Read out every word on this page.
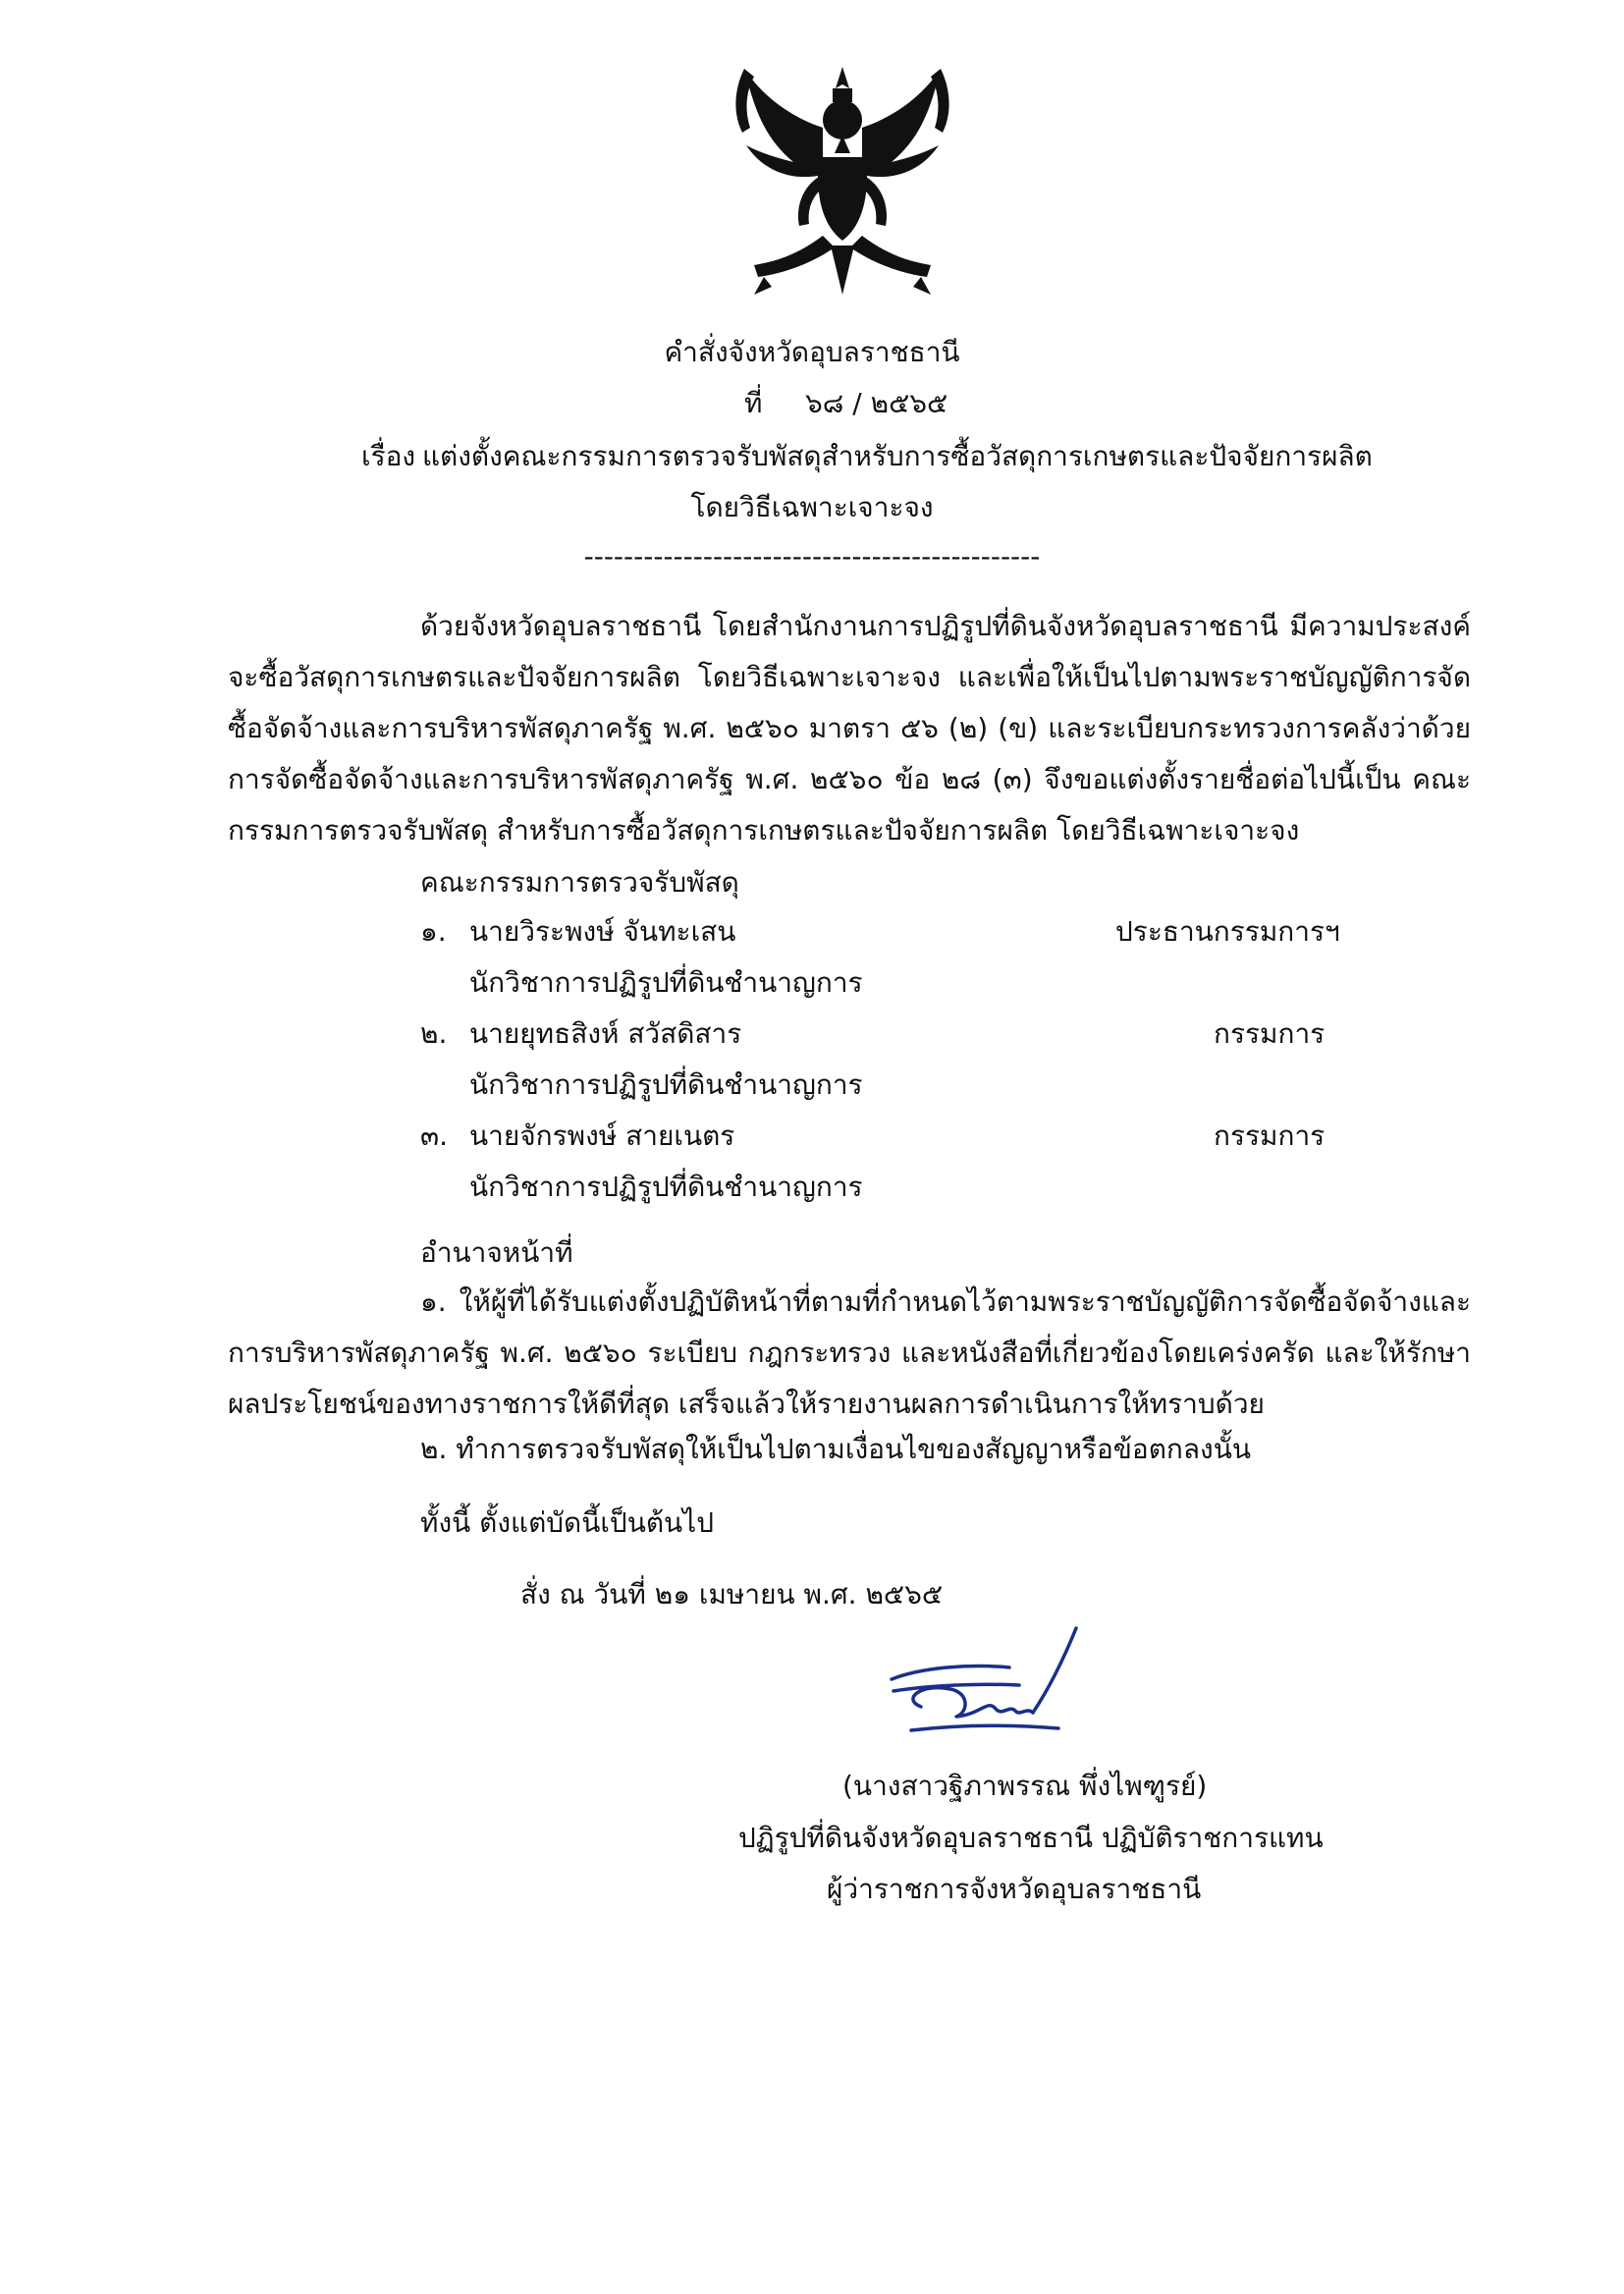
คำสั่งจังหวัดอุบลราชธานี
ที่ ๖๘ / ๒๕๖๕
เรื่อง แต่งตั้งคณะกรรมการตรวจรับพัสดุสำหรับการซื้อวัสดุการเกษตรและปัจจัยการผลิต
โดยวิธีเฉพาะเจาะจง
----------------------------------------------
ด้วยจังหวัดอุบลราชธานี โดยสำนักงานการปฏิรูปที่ดินจังหวัดอุบลราชธานี มีความประสงค์จะซื้อวัสดุการเกษตรและปัจจัยการผลิต โดยวิธีเฉพาะเจาะจง และเพื่อให้เป็นไปตามพระราชบัญญัติการจัดซื้อจัดจ้างและการบริหารพัสดุภาครัฐ พ.ศ. ๒๕๖๐ มาตรา ๕๖ (๒) (ข) และระเบียบกระทรวงการคลังว่าด้วยการจัดซื้อจัดจ้างและการบริหารพัสดุภาครัฐ พ.ศ. ๒๕๖๐ ข้อ ๒๘ (๓) จึงขอแต่งตั้งรายชื่อต่อไปนี้เป็น คณะกรรมการตรวจรับพัสดุ สำหรับการซื้อวัสดุการเกษตรและปัจจัยการผลิต โดยวิธีเฉพาะเจาะจง
คณะกรรมการตรวจรับพัสดุ
๑. นายวิระพงษ์ จันทะเสน	ประธานกรรมการฯ
นักวิชาการปฏิรูปที่ดินชำนาญการ
๒. นายยุทธสิงห์ สวัสดิสาร	กรรมการ
นักวิชาการปฏิรูปที่ดินชำนาญการ
๓. นายจักรพงษ์ สายเนตร	กรรมการ
นักวิชาการปฏิรูปที่ดินชำนาญการ
อำนาจหน้าที่
๑. ให้ผู้ที่ได้รับแต่งตั้งปฏิบัติหน้าที่ตามที่กำหนดไว้ตามพระราชบัญญัติการจัดซื้อจัดจ้างและการบริหารพัสดุภาครัฐ พ.ศ. ๒๕๖๐ ระเบียบ กฎกระทรวง และหนังสือที่เกี่ยวข้องโดยเคร่งครัด และให้รักษาผลประโยชน์ของทางราชการให้ดีที่สุด เสร็จแล้วให้รายงานผลการดำเนินการให้ทราบด้วย
๒. ทำการตรวจรับพัสดุให้เป็นไปตามเงื่อนไขของสัญญาหรือข้อตกลงนั้น
ทั้งนี้ ตั้งแต่บัดนี้เป็นต้นไป
สั่ง ณ วันที่ ๒๑ เมษายน พ.ศ. ๒๕๖๕
(นางสาวฐิภาพรรณ พึ่งไพฑูรย์)
ปฏิรูปที่ดินจังหวัดอุบลราชธานี ปฏิบัติราชการแทน
ผู้ว่าราชการจังหวัดอุบลราชธานี
